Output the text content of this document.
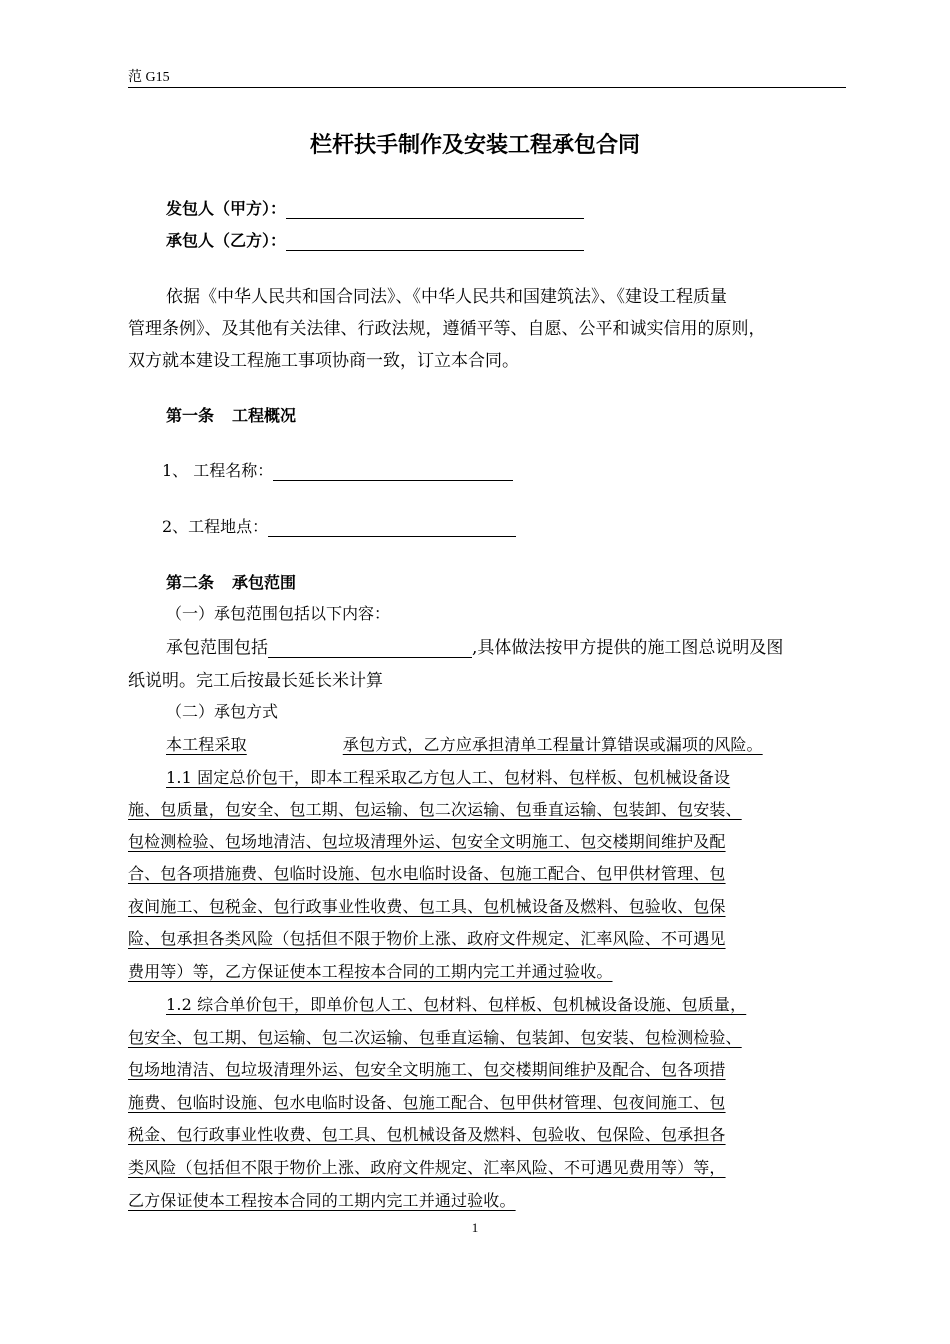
范 G15
栏杆扶手制作及安装工程承包合同
发包人（甲方）：
承包人（乙方）：
依据《中华人民共和国合同法》、《中华人民共和国建筑法》、《建设工程质量
管理条例》、及其他有关法律、行政法规，遵循平等、自愿、公平和诚实信用的原则，
双方就本建设工程施工事项协商一致，订立本合同。
第一条 工程概况
1、 工程名称：
2、工程地点：
第二条 承包范围
（一）承包范围包括以下内容：
承包范围包括	,具体做法按甲方提供的施工图总说明及图
纸说明。完工后按最长延长米计算
（二）承包方式
本工程采取	承包方式，乙方应承担清单工程量计算错误或漏项的风险。
1.1 固定总价包干，即本工程采取乙方包人工、包材料、包样板、包机械设备设
施、包质量，包安全、包工期、包运输、包二次运输、包垂直运输、包装卸、包安装、
包检测检验、包场地清洁、包垃圾清理外运、包安全文明施工、包交楼期间维护及配
合、包各项措施费、包临时设施、包水电临时设备、包施工配合、包甲供材管理、包
夜间施工、包税金、包行政事业性收费、包工具、包机械设备及燃料、包验收、包保
险、包承担各类风险（包括但不限于物价上涨、政府文件规定、汇率风险、不可遇见
费用等）等，乙方保证使本工程按本合同的工期内完工并通过验收。
1.2 综合单价包干，即单价包人工、包材料、包样板、包机械设备设施、包质量，
包安全、包工期、包运输、包二次运输、包垂直运输、包装卸、包安装、包检测检验、
包场地清洁、包垃圾清理外运、包安全文明施工、包交楼期间维护及配合、包各项措
施费、包临时设施、包水电临时设备、包施工配合、包甲供材管理、包夜间施工、包
税金、包行政事业性收费、包工具、包机械设备及燃料、包验收、包保险、包承担各
类风险（包括但不限于物价上涨、政府文件规定、汇率风险、不可遇见费用等）等，
乙方保证使本工程按本合同的工期内完工并通过验收。
1
